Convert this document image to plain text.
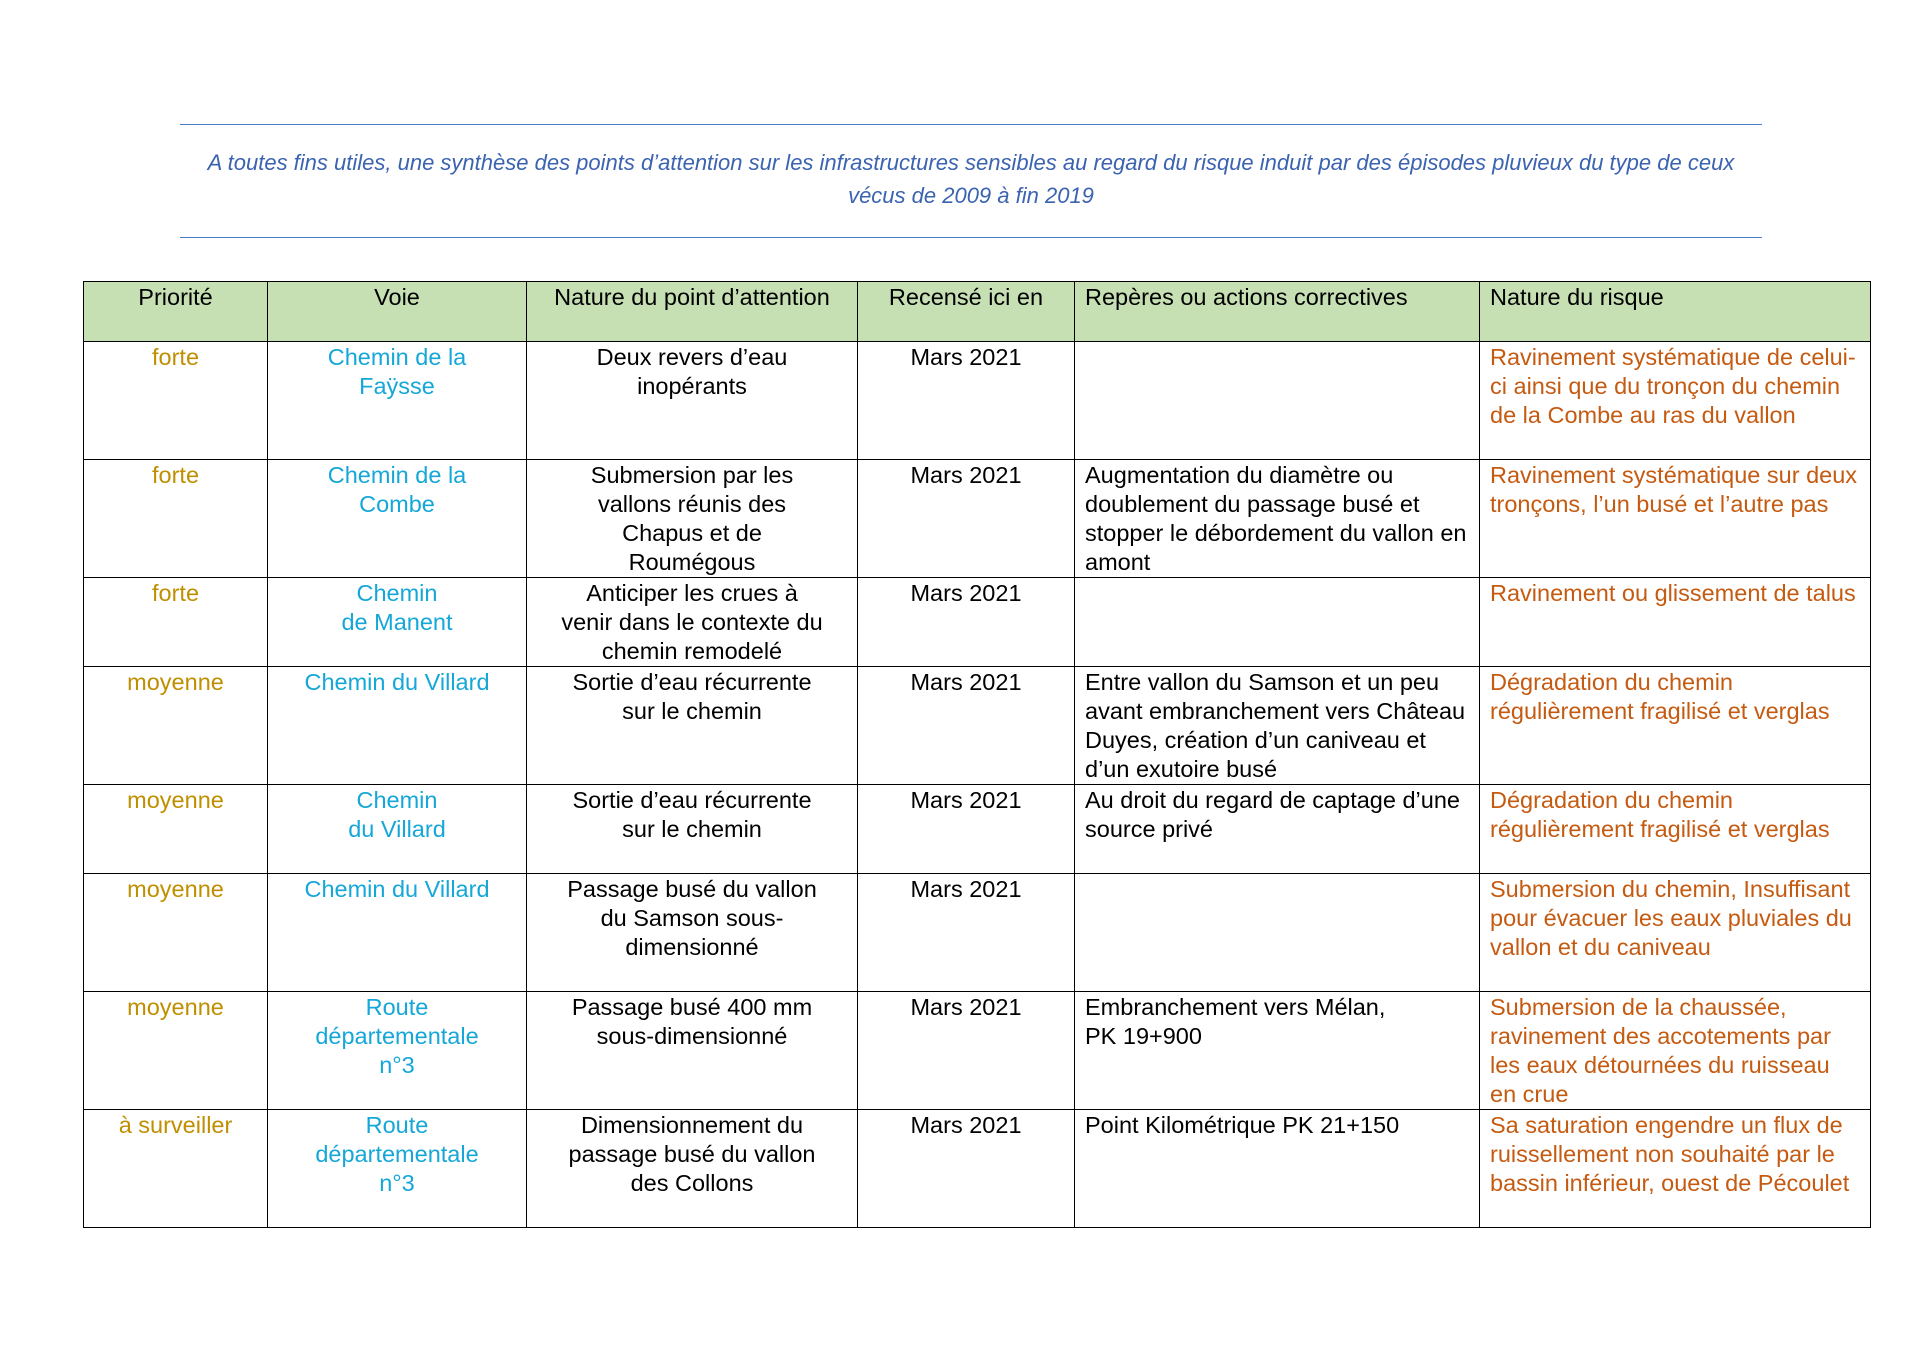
A toutes fins utiles, une synthèse des points d’attention sur les infrastructures sensibles au regard du risque induit par des épisodes pluvieux du type de ceux vécus de 2009 à fin 2019
Priorité	Voie	Nature du point d’attention	Recensé ici en	Repères ou actions correctives	Nature du risque

forte	Chemin de la
Faÿsse	Deux revers d’eau
inopérants	Mars 2021		Ravinement systématique de celui-ci ainsi que du tronçon du chemin de la Combe au ras du vallon

forte	Chemin de la
Combe	Submersion par les
vallons réunis des
Chapus et de
Roumégous	Mars 2021	Augmentation du diamètre ou doublement du passage busé et stopper le débordement du vallon en amont	Ravinement systématique sur deux tronçons, l’un busé et l’autre pas

forte	Chemin
de Manent	Anticiper les crues à
venir dans le contexte du
chemin remodelé	Mars 2021		Ravinement ou glissement de talus

moyenne	Chemin du Villard	Sortie d’eau récurrente
sur le chemin	Mars 2021	Entre vallon du Samson et un peu avant embranchement vers Château Duyes, création d’un caniveau et d’un exutoire busé	Dégradation du chemin régulièrement fragilisé et verglas

moyenne	Chemin
du Villard	Sortie d’eau récurrente
sur le chemin	Mars 2021	Au droit du regard de captage d’une source privé	Dégradation du chemin régulièrement fragilisé et verglas

moyenne	Chemin du Villard	Passage busé du vallon
du Samson sous-
dimensionné	Mars 2021		Submersion du chemin, Insuffisant pour évacuer les eaux pluviales du vallon et du caniveau

moyenne	Route
départementale
n°3	Passage busé 400 mm
sous-dimensionné	Mars 2021	Embranchement vers Mélan,
PK 19+900	Submersion de la chaussée, ravinement des accotements par les eaux détournées du ruisseau en crue

à surveiller	Route
départementale
n°3	Dimensionnement du
passage busé du vallon
des Collons	Mars 2021	Point Kilométrique PK 21+150	Sa saturation engendre un flux de ruissellement non souhaité par le bassin inférieur, ouest de Pécoulet
